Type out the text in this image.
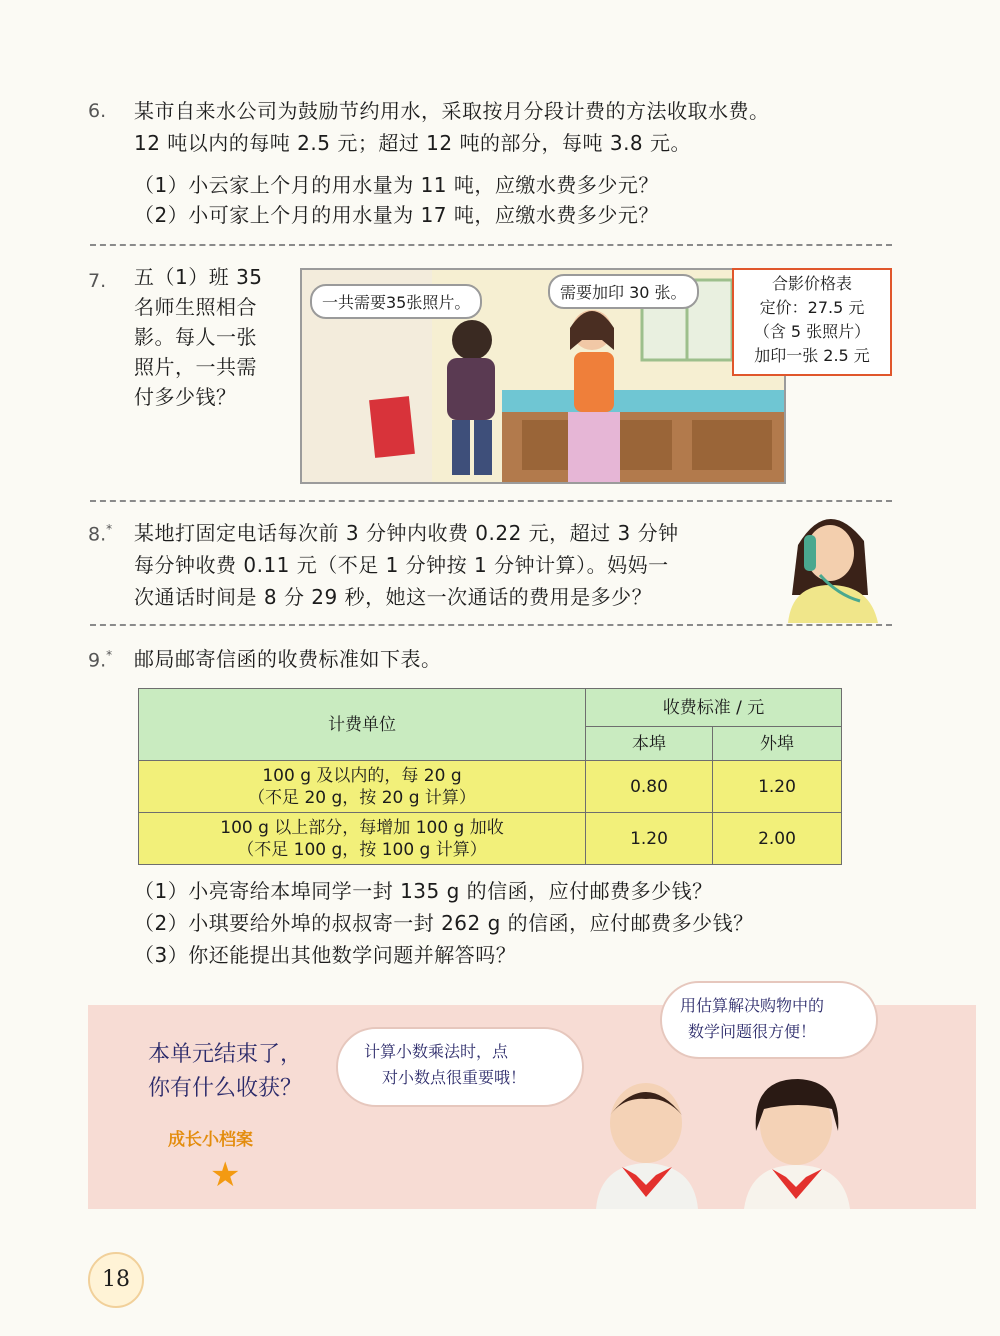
6. 某市自来水公司为鼓励节约用水，采取按月分段计费的方法收取水费。
12 吨以内的每吨 2.5 元；超过 12 吨的部分，每吨 3.8 元。
（1）小云家上个月的用水量为 11 吨，应缴水费多少元？
（2）小可家上个月的用水量为 17 吨，应缴水费多少元？
7. 五（1）班 35
名师生照相合
影。每人一张
照片，一共需
付多少钱？
一共需要35张照片。
需要加印 30 张。	合影价格表
定价：27.5 元
（含 5 张照片）
加印一张 2.5 元
8.* 某地打固定电话每次前 3 分钟内收费 0.22 元，超过 3 分钟
每分钟收费 0.11 元（不足 1 分钟按 1 分钟计算）。妈妈一
次通话时间是 8 分 29 秒，她这一次通话的费用是多少？
9.* 邮局邮寄信函的收费标准如下表。
计费单位	收费标准 / 元	
	本埠	外埠

100 g 及以内的，每 20 g
（不足 20 g，按 20 g 计算）	0.80	1.20

100 g 以上部分，每增加 100 g 加收
（不足 100 g，按 100 g 计算）	1.20	2.00
（1）小亮寄给本埠同学一封 135 g 的信函，应付邮费多少钱？
（2）小琪要给外埠的叔叔寄一封 262 g 的信函，应付邮费多少钱？
（3）你还能提出其他数学问题并解答吗？
本单元结束了，
你有什么收获？
成长小档案
★
计算小数乘法时，点
对小数点很重要哦！
用估算解决购物中的
数学问题很方便！
18
